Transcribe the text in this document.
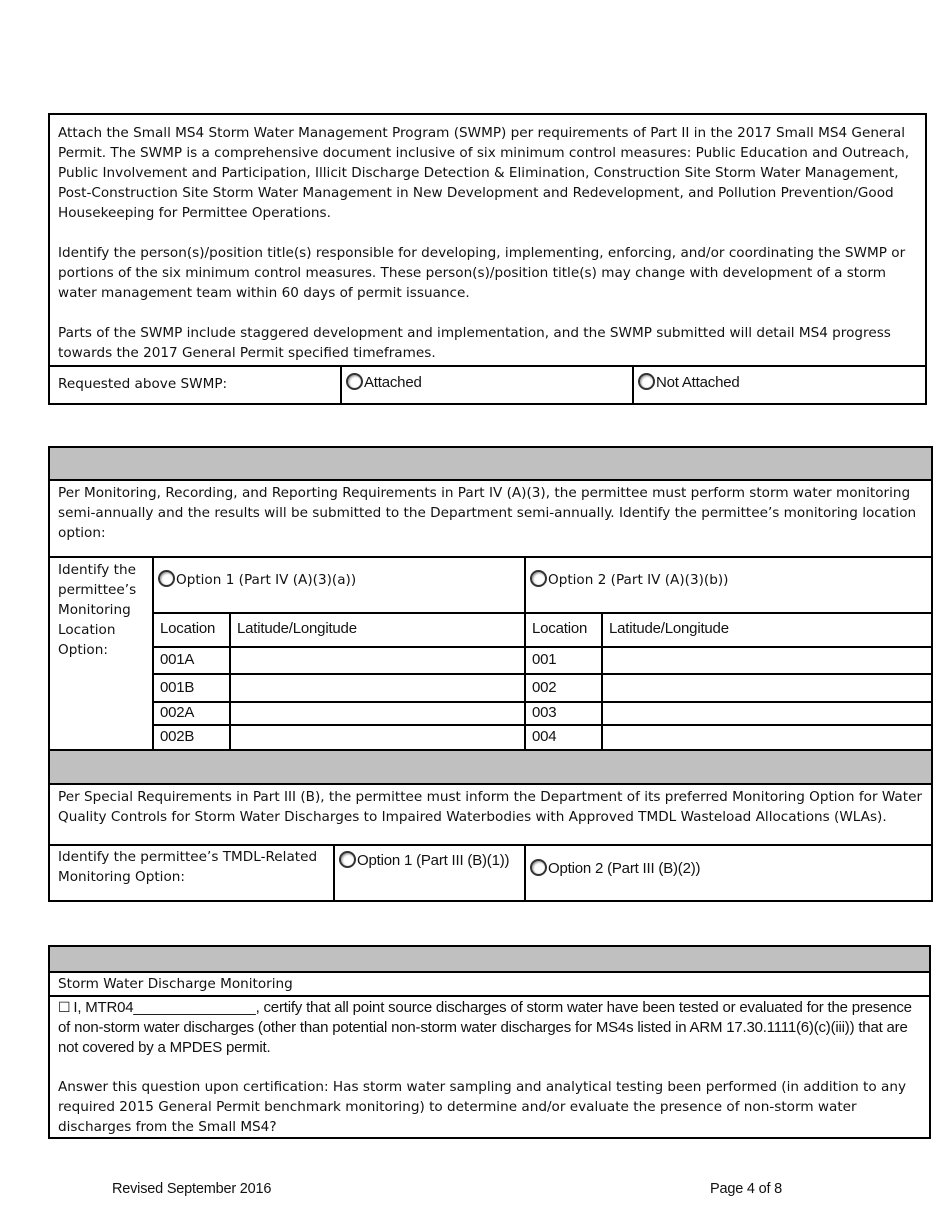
Attach the Small MS4 Storm Water Management Program (SWMP) per requirements of Part II in the 2017 Small MS4 General Permit. The SWMP is a comprehensive document inclusive of six minimum control measures: Public Education and Outreach, Public Involvement and Participation, Illicit Discharge Detection & Elimination, Construction Site Storm Water Management, Post-Construction Site Storm Water Management in New Development and Redevelopment, and Pollution Prevention/Good Housekeeping for Permittee Operations.

Identify the person(s)/position title(s) responsible for developing, implementing, enforcing, and/or coordinating the SWMP or portions of the six minimum control measures. These person(s)/position title(s) may change with development of a storm water management team within 60 days of permit issuance.

Parts of the SWMP include staggered development and implementation, and the SWMP submitted will detail MS4 progress towards the 2017 General Permit specified timeframes.

Requested above SWMP:	Attached	Not Attached

Per Monitoring, Recording, and Reporting Requirements in Part IV (A)(3), the permittee must perform storm water monitoring semi-annually and the results will be submitted to the Department semi-annually. Identify the permittee’s monitoring location option:					
Identify the permittee’s Monitoring Location Option:	Option 1 (Part IV (A)(3)(a))			Option 2 (Part IV (A)(3)(b))	
	Location	Latitude/Longitude		Location	Latitude/Longitude
	001A			001	
	001B			002	
	002A			003	
	002B			004	

Per Special Requirements in Part III (B), the permittee must inform the Department of its preferred Monitoring Option for Water Quality Controls for Storm Water Discharges to Impaired Waterbodies with Approved TMDL Wasteload Allocations (WLAs).					
Identify the permittee’s TMDL-Related Monitoring Option:			Option 1 (Part III (B)(1))	Option 2 (Part III (B)(2))	

Storm Water Discharge Monitoring

☐ I, MTR04_______________, certify that all point source discharges of storm water have been tested or evaluated for the presence of non-storm water discharges (other than potential non-storm water discharges for MS4s listed in ARM 17.30.1111(6)(c)(iii)) that are not covered by a MPDES permit.

Answer this question upon certification: Has storm water sampling and analytical testing been performed (in addition to any required 2015 General Permit benchmark monitoring) to determine and/or evaluate the presence of non-storm water discharges from the Small MS4?

Revised September 2016	Page 4 of 8
